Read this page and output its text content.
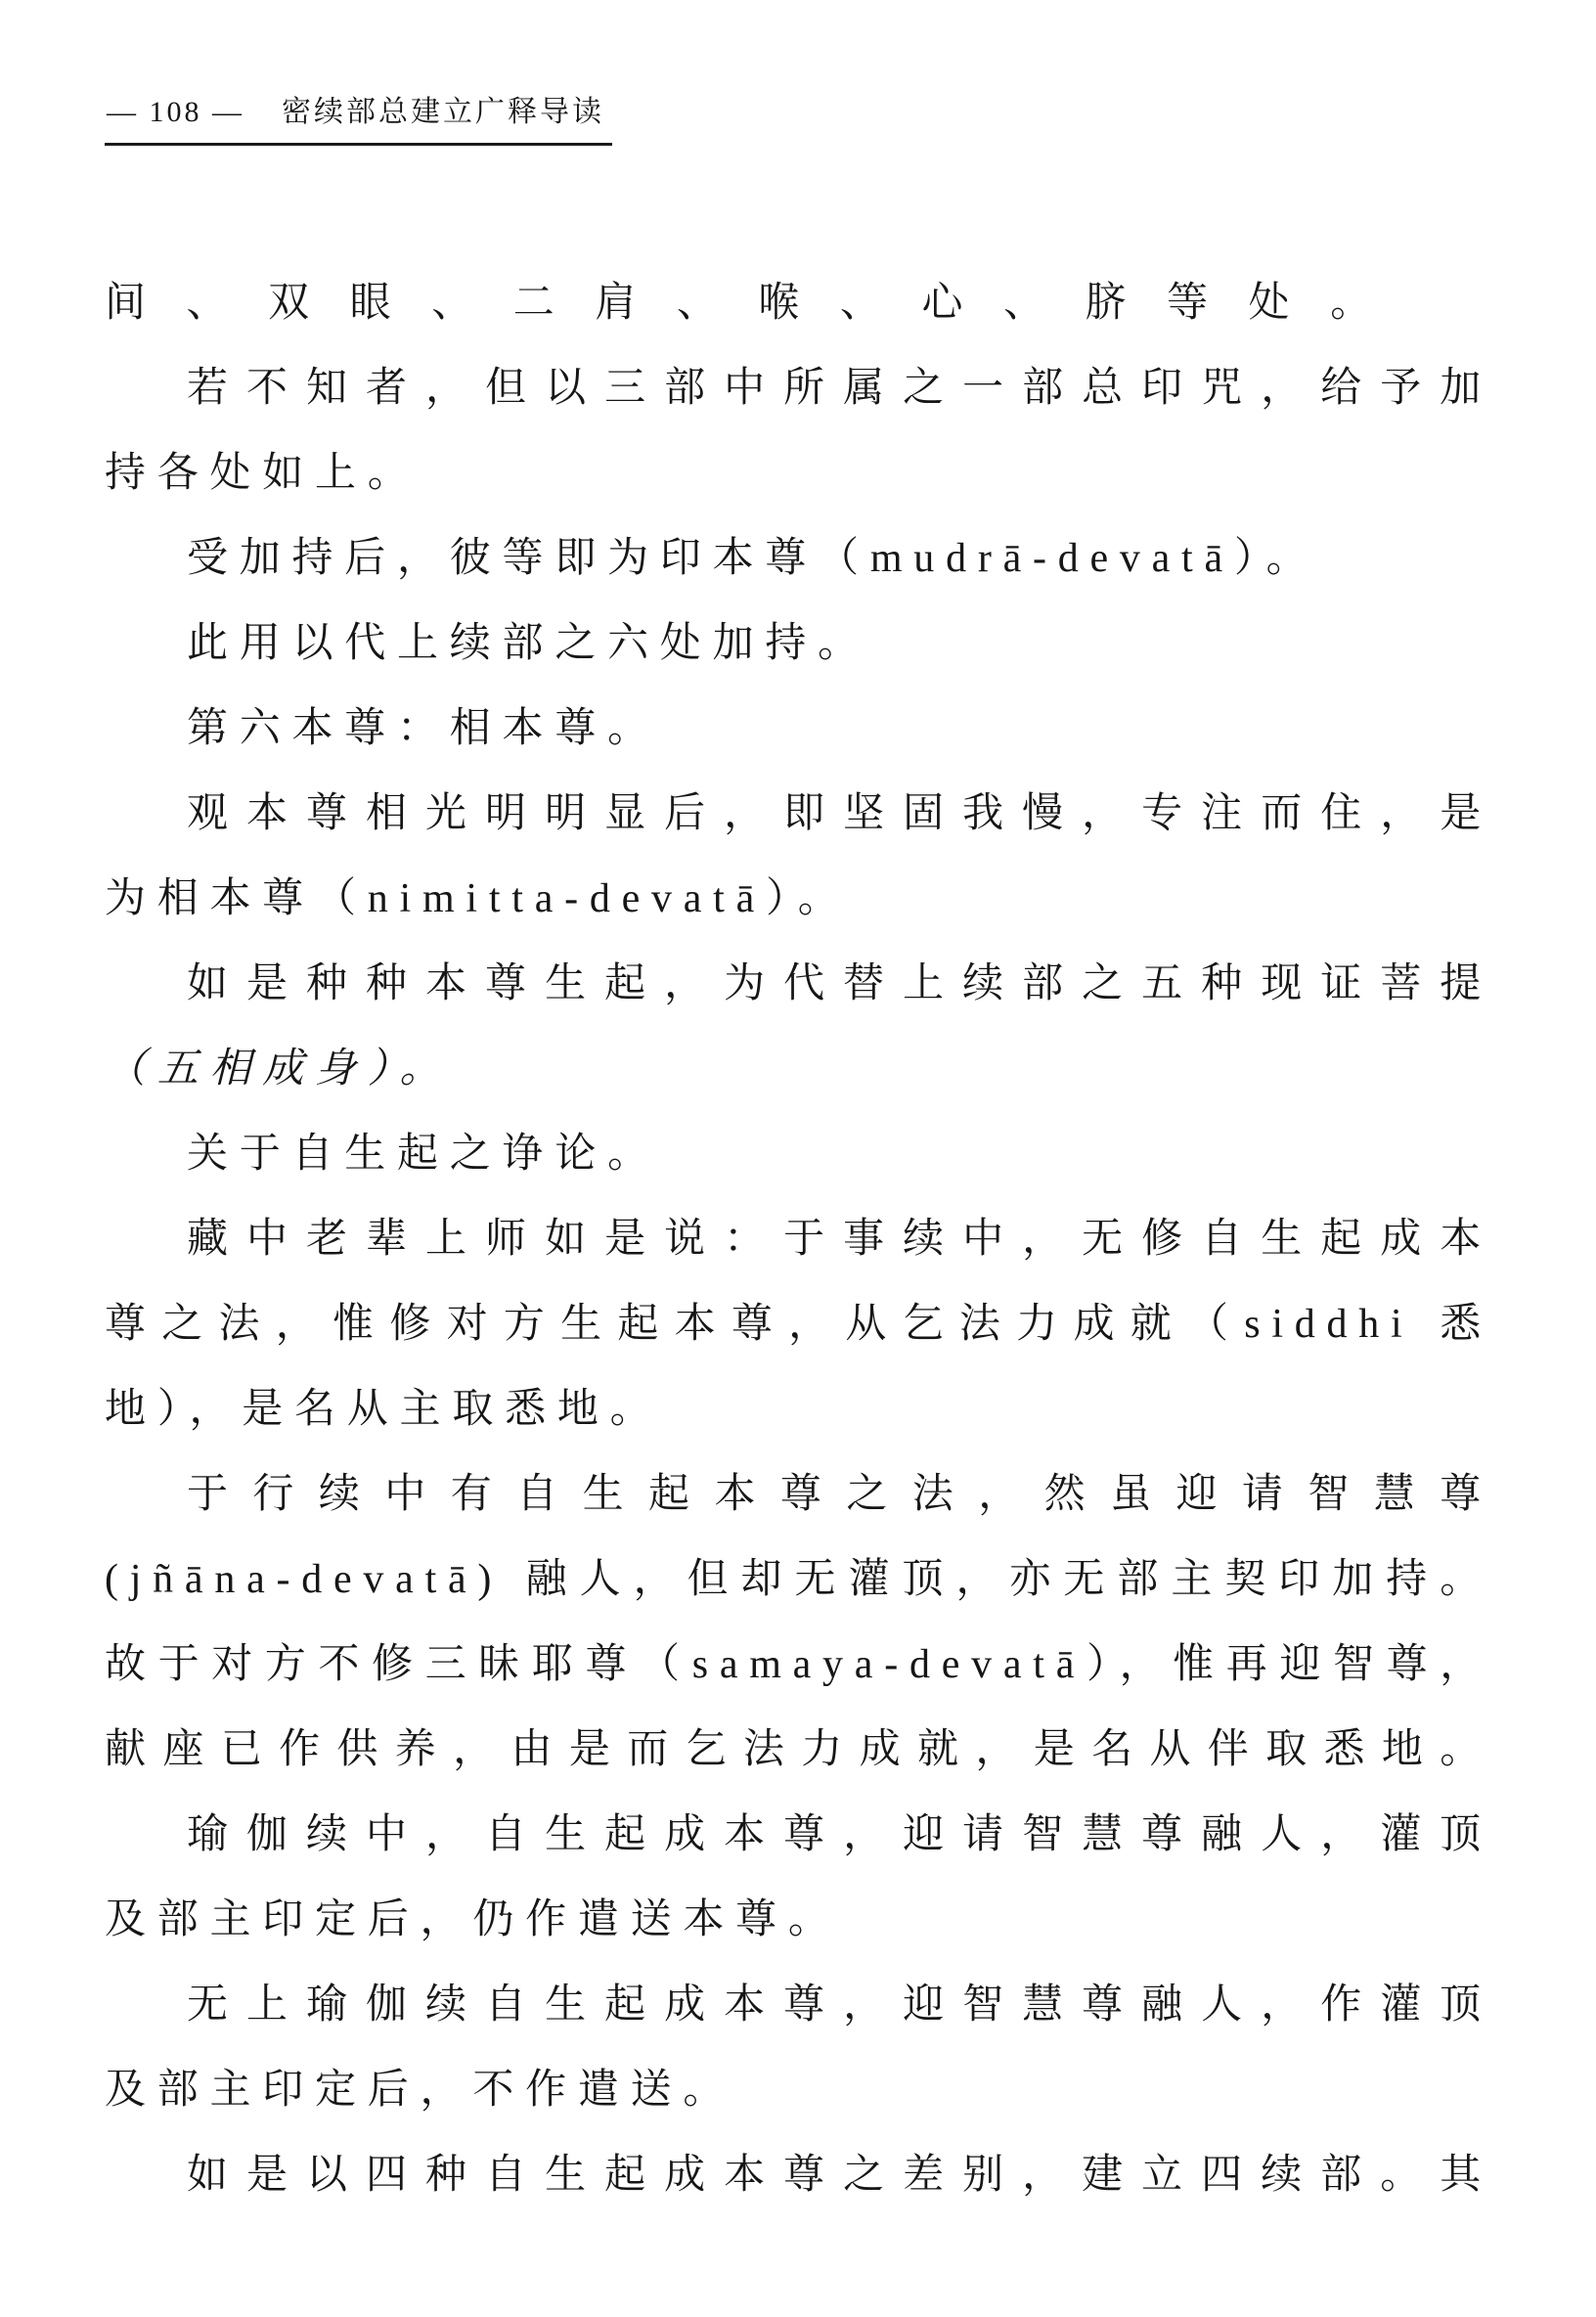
— 108 — 密续部总建立广释导读
间、双眼、二肩、喉、心、脐等处。
若不知者，但以三部中所属之一部总印咒，给予加
持各处如上。
受加持后，彼等即为印本尊（mudrā-devatā）。
此用以代上续部之六处加持。
第六本尊：相本尊。
观本尊相光明明显后，即坚固我慢，专注而住，是
为相本尊（nimitta-devatā）。
如是种种本尊生起，为代替上续部之五种现证菩提
（五相成身）。
关于自生起之诤论。
藏中老辈上师如是说：于事续中，无修自生起成本
尊之法，惟修对方生起本尊，从乞法力成就（siddhi 悉
地），是名从主取悉地。
于行续中有自生起本尊之法，然虽迎请智慧尊
(jñāna-devatā) 融人，但却无灌顶，亦无部主契印加持。
故于对方不修三昧耶尊（samaya-devatā），惟再迎智尊，
献座已作供养，由是而乞法力成就，是名从伴取悉地。
瑜伽续中，自生起成本尊，迎请智慧尊融人，灌顶
及部主印定后，仍作遣送本尊。
无上瑜伽续自生起成本尊，迎智慧尊融人，作灌顶
及部主印定后，不作遣送。
如是以四种自生起成本尊之差别，建立四续部。其
